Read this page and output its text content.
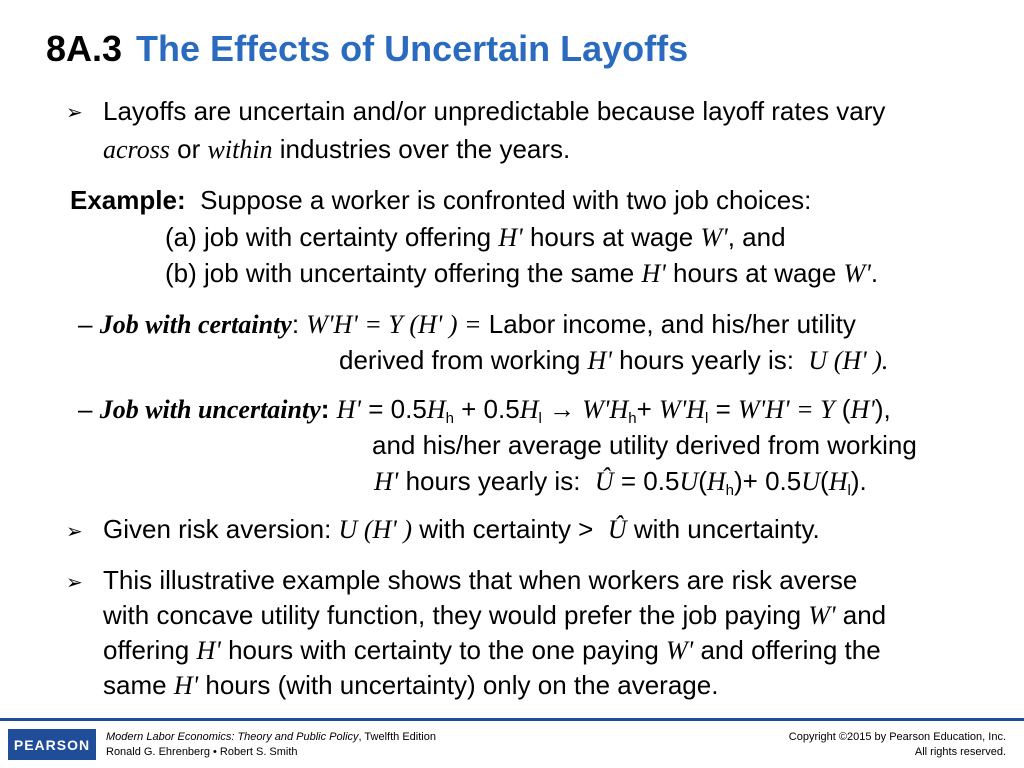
8A.3 The Effects of Uncertain Layoffs
➢ Layoffs are uncertain and/or unpredictable because layoff rates vary
across or within industries over the years.
Example: Suppose a worker is confronted with two job choices:
(a) job with certainty offering H' hours at wage W', and
(b) job with uncertainty offering the same H' hours at wage W'.
– Job with certainty: W'H' = Y (H' ) = Labor income, and his/her utility
derived from working H' hours yearly is: U (H' ).
– Job with uncertainty: $H' = 0.5H_h + 0.5H_l \to W'H_h+ W'H_l = W'H' = Y$ (H'),
and his/her average utility derived from working
H' hours yearly is: Û = $0.5U(H_h)+ 0.5U(H_l)$.
➢ Given risk aversion: U (H' ) with certainty > Û with uncertainty.
➢ This illustrative example shows that when workers are risk averse
with concave utility function, they would prefer the job paying W' and
offering H' hours with certainty to the one paying W' and offering the
same H' hours (with uncertainty) only on the average.
PEARSON	Modern Labor Economics: Theory and Public Policy, Twelfth Edition
Ronald G. Ehrenberg • Robert S. Smith
Copyright ©2015 by Pearson Education, Inc.
All rights reserved.
